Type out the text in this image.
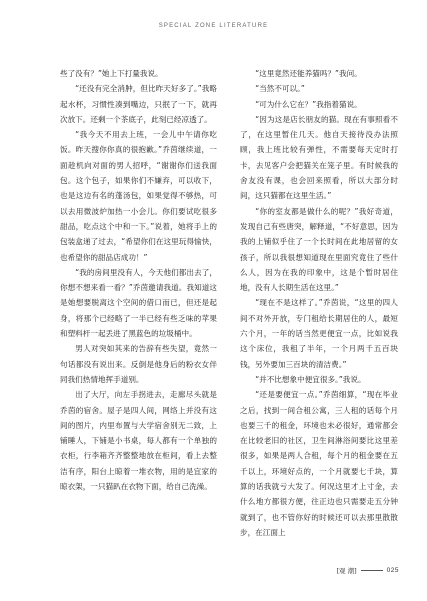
SPECIAL ZONE LITERATURE

些了没有？”她上下打量我说。

“还没有完全消肿，但比昨天好多了。”我略起水杯，习惯性凑到嘴边，只抿了一下，就再次放下。还剩一个茶底子，此刻已经凉透了。

“我今天不用去上班，一会儿中午请你吃饭。昨天搜你你真的很抱歉。”乔茵继续道，一面趁机向对面的男人招呼，“谢谢你们送我面包。这个包子，如果你们不嫌弃，可以收下，也是这边有名的蓬汤包，如果觉得不够热，可以去用微波炉加热一小会儿。你们要试吃很多甜品，吃点这个中和一下。”说着，她将手上的包装盒递了过去，“希望你们在这里玩得愉快，也希望你的甜品店成功！”

“我的房间里没有人，今天他们都出去了，你想不想来看一看？”乔茵邀请我道。我知道这是她想要脱离这个空间的借口而已，但还是起身，将那个已经略了一半已经有些乏味的苹果和塑料杆一起丢进了黑蓝色的垃圾桶中。

男人对突如其来的告辞有些失望，竟然一句话都没有说出来。反倒是他身后的粉衣女伴同我们热情地挥手道别。

出了大厅，向左手拐进去，走廊尽头就是乔茵的宿舍。屋子是四人间，网络上并没有这间的图片，内里布置与大学宿舍别无二致，上铺睡人，下铺是小书桌，每人都有一个单独的衣柜，行李箱齐齐整整地放在柜间，看上去整洁有序，阳台上晾着一堆衣物，用的是宜家的晾衣架，一只猫趴在衣物下面，给自己洗澡。

“这里竟然还能养猫吗？”我问。

“当然不可以。”

“可为什么它在？”我指着猫说。

“因为这是店长朋友的猫。现在有事照看不了，在这里暂住几天。他自天接待没办法照顾，我上班比较有弹性，不需要每天定时打卡，去见客户会把猫关在笼子里。有时候我的舍友没有课，也会回来照看，所以大部分时间，这只猫都在这里生活。”

“你的室友都是做什么的呢？”我好奇道，发现自己有些唐突，解释道，“不好意思，因为我的上铺似乎住了一个长时间在此地居留的女孩子，所以我很想知道现在里面究竟住了些什么人，因为在我的印象中，这是个暂时居住地，没有人长期生活在这里。”

“现在不是这样了。”乔茵说，“这里的四人间不对外开放，专门租给长期居住的人，最短六个月，一年的话当然更便宜一点，比如说我这个床位，我租了半年，一个月两千五百块钱，另外要加三百块的清洁费。”

“并不比想象中便宜很多。”我说。

“还是要便宜一点。”乔茵细算，“现在毕业之后，找到一间合租公寓，三人租的话每个月也要三千的租金，环境也未必很好，通常都会在比较老旧的社区，卫生间淋浴间要比这里差很多，如果是两人合租，每个月的租金要在五千以上，环境好点的，一个月就要七千块，算算的话我就亏大发了。何况这里才上寸金，去什么地方都很方便，往正边也只需要走五分钟就到了，也不管你好的时候还可以去那里散散步，在江面上

[观 潮]	025
